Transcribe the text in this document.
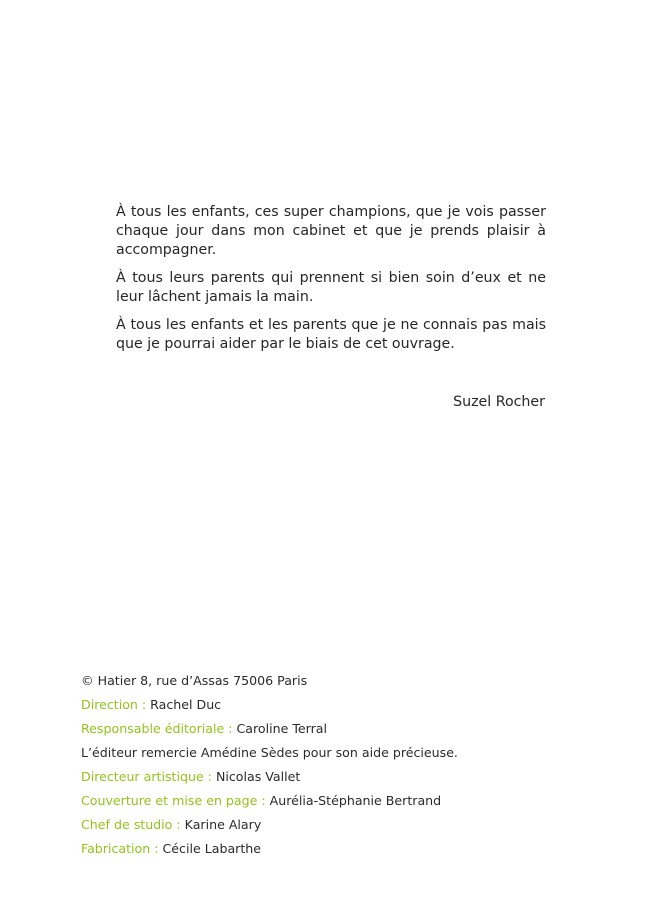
À tous les enfants, ces super champions, que je vois passer chaque jour dans mon cabinet et que je prends plaisir à accompagner.

À tous leurs parents qui prennent si bien soin d’eux et ne leur lâchent jamais la main.

À tous les enfants et les parents que je ne connais pas mais que je pourrai aider par le biais de cet ouvrage.

Suzel Rocher
© Hatier 8, rue d’Assas 75006 Paris
Direction : Rachel Duc
Responsable éditoriale : Caroline Terral
L’éditeur remercie Amédine Sèdes pour son aide précieuse.
Directeur artistique : Nicolas Vallet
Couverture et mise en page : Aurélia-Stéphanie Bertrand
Chef de studio : Karine Alary
Fabrication : Cécile Labarthe
